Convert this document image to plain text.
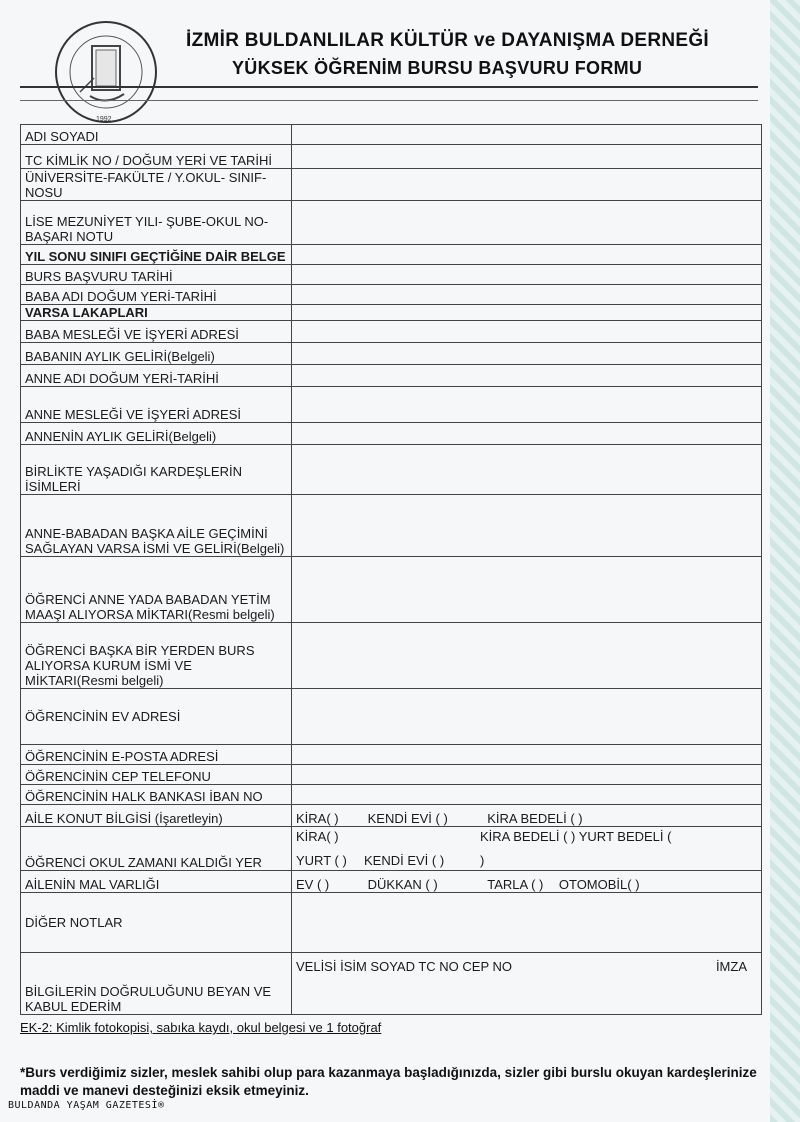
1992
İZMİR BULDANLILAR KÜLTÜR ve DAYANIŞMA DERNEĞİ
YÜKSEK ÖĞRENİM BURSU BAŞVURU FORMU
ADI SOYADI	
TC KİMLİK NO / DOĞUM YERİ VE TARİHİ	
ÜNİVERSİTE-FAKÜLTE / Y.OKUL- SINIF- NOSU	
LİSE MEZUNİYET YILI- ŞUBE-OKUL NO-BAŞARI NOTU	
YIL SONU SINIFI GEÇTİĞİNE DAİR BELGE	
BURS BAŞVURU TARİHİ	
BABA ADI DOĞUM YERİ-TARİHİ	
VARSA LAKAPLARI	
BABA MESLEĞİ VE İŞYERİ ADRESİ	
BABANIN AYLIK GELİRİ(Belgeli)	
ANNE ADI DOĞUM YERİ-TARİHİ	
ANNE MESLEĞİ VE İŞYERİ ADRESİ	
ANNENİN AYLIK GELİRİ(Belgeli)	
BİRLİKTE YAŞADIĞI KARDEŞLERİN İSİMLERİ	
ANNE-BABADAN BAŞKA AİLE GEÇİMİNİ SAĞLAYAN VARSA İSMİ VE GELİRİ(Belgeli)	
ÖĞRENCİ ANNE YADA BABADAN YETİM MAAŞI ALIYORSA MİKTARI(Resmi belgeli)	
ÖĞRENCİ BAŞKA BİR YERDEN BURS ALIYORSA KURUM İSMİ VE MİKTARI(Resmi belgeli)	
ÖĞRENCİNİN EV ADRESİ	
ÖĞRENCİNİN E-POSTA ADRESİ	
ÖĞRENCİNİN CEP TELEFONU	
ÖĞRENCİNİN HALK BANKASI İBAN NO	
AİLE KONUT BİLGİSİ (İşaretleyin)	KİRA( ) KENDİ EVİ ( ) KİRA BEDELİ ( )
ÖĞRENCİ OKUL ZAMANI KALDIĞI YER	KİRA( ) KİRA BEDELİ ( ) YURT BEDELİ (
YURT ( ) KENDİ EVİ ( ) )

AİLENİN MAL VARLIĞI	EV ( ) DÜKKAN ( ) TARLA ( ) OTOMOBİL( )
DİĞER NOTLAR	
BİLGİLERİN DOĞRULUĞUNU BEYAN VE KABUL EDERİM	VELİSİ İSİM SOYAD TC NO CEP NO İMZA
EK-2: Kimlik fotokopisi, sabıka kaydı, okul belgesi ve 1 fotoğraf
*Burs verdiğimiz sizler, meslek sahibi olup para kazanmaya başladığınızda, sizler gibi burslu okuyan kardeşlerinize maddi ve manevi desteğinizi eksik etmeyiniz.
BULDANDA YAŞAM GAZETESİ®
